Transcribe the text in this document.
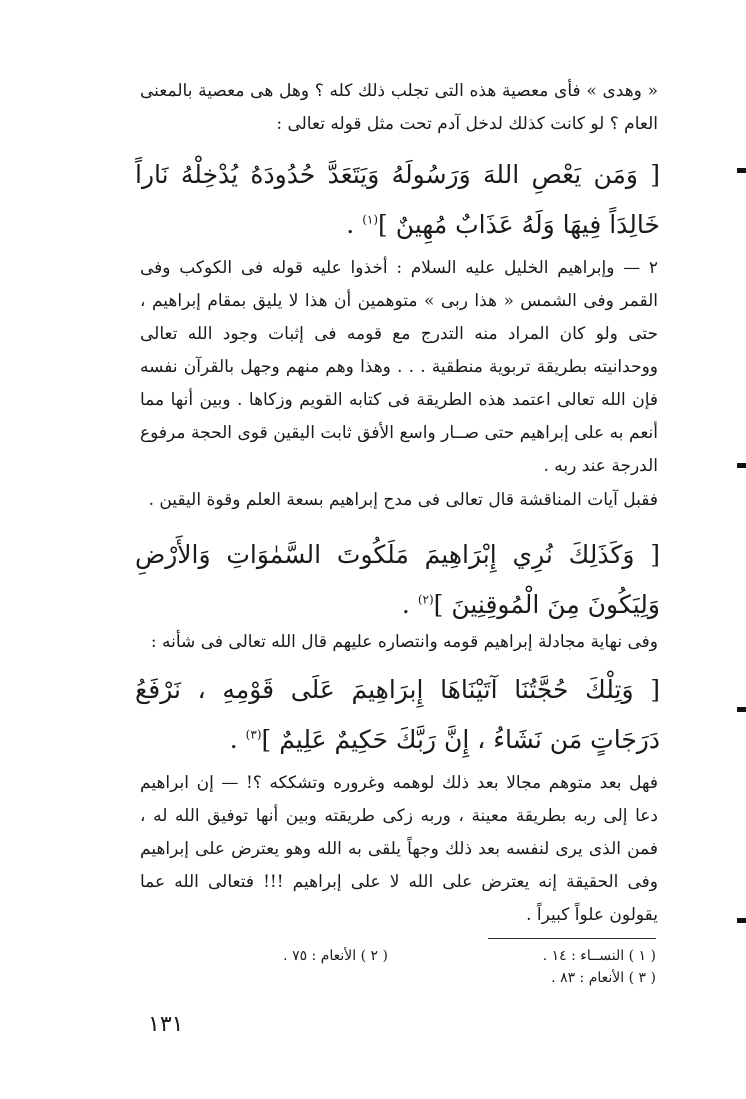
« وهدى » فأى معصية هذه التى تجلب ذلك كله ؟ وهل هى معصية بالمعنى العام ؟ لو كانت كذلك لدخل آدم تحت مثل قوله تعالى :

[ وَمَن يَعْصِ اللهَ وَرَسُولَهُ وَيَتَعَدَّ حُدُودَهُ يُدْخِلْهُ نَاراً خَالِدَاً فِيهَا وَلَهُ عَذَابٌ مُهِينٌ ]$^{(١)}$ .

٢ — وإبراهيم الخليل عليه السلام : أخذوا عليه قوله فى الكوكب وفى القمر وفى الشمس « هذا ربى » متوهمين أن هذا لا يليق بمقام إبراهيم ، حتى ولو كان المراد منه التدرج مع قومه فى إثبات وجود الله تعالى ووحدانيته بطريقة تربوية منطقية . . . وهذا وهم منهم وجهل بالقرآن نفسه فإن الله تعالى اعتمد هذه الطريقة فى كتابه القويم وزكاها . وبين أنها مما أنعم به على إبراهيم حتى صــار واسع الأفق ثابت اليقين قوى الحجة مرفوع الدرجة عند ربه .

فقبل آيات المناقشة قال تعالى فى مدح إبراهيم بسعة العلم وقوة اليقين .

[ وَكَذَلِكَ نُرِي إِبْرَاهِيمَ مَلَكُوتَ السَّمٰوَاتِ وَالأَرْضِ وَلِيَكُونَ مِنَ الْمُوقِنِينَ ]$^{(٢)}$ .

وفى نهاية مجادلة إبراهيم قومه وانتصاره عليهم قال الله تعالى فى شأنه :

[ وَتِلْكَ حُجَّتُنَا آتَيْنَاهَا إِبرَاهِيمَ عَلَى قَوْمِهِ ، نَرْفَعُ دَرَجَاتٍ مَن نَشَاءُ ، إِنَّ رَبَّكَ حَكِيمٌ عَلِيمٌ ]$^{(٣)}$ .

فهل بعد متوهم مجالا بعد ذلك لوهمه وغروره وتشككه ؟! — إن ابراهيم دعا إلى ربه بطريقة معينة ، وربه زكى طريقته وبين أنها توفيق الله له ، فمن الذى يرى لنفسه بعد ذلك وجهاً يلقى به الله وهو يعترض على إبراهيم وفى الحقيقة إنه يعترض على الله لا على إبراهيم !!! فتعالى الله عما يقولون علواً كبيراً .

( ١ ) النســاء : ١٤ .
( ٢ ) الأنعام : ٧٥ .
( ٣ ) الأنعام : ٨٣ .
١٣١
